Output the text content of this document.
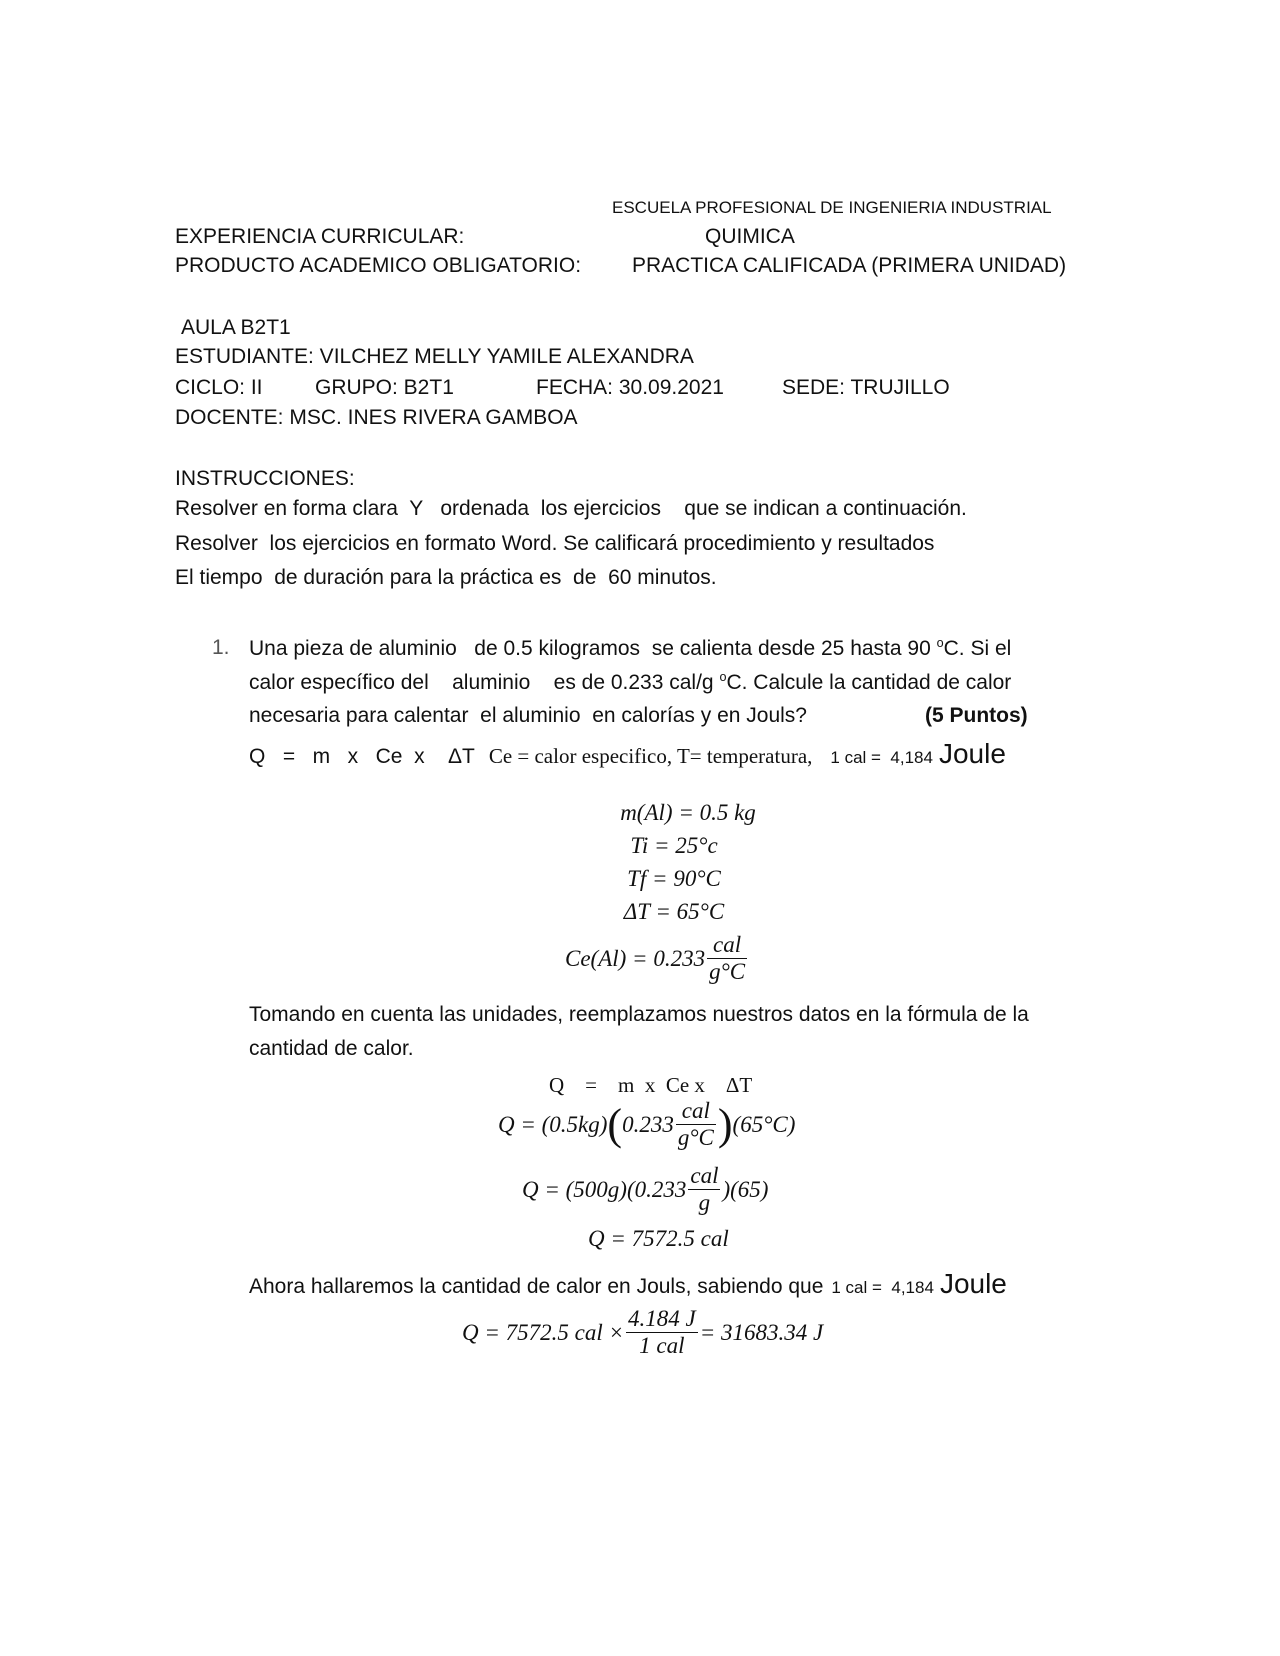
ESCUELA PROFESIONAL DE INGENIERIA INDUSTRIAL
EXPERIENCIA CURRICULAR:	QUIMICA
PRODUCTO ACADEMICO OBLIGATORIO: PRACTICA CALIFICADA (PRIMERA UNIDAD)
AULA B2T1
ESTUDIANTE: VILCHEZ MELLY YAMILE ALEXANDRA
CICLO: II GRUPO: B2T1	FECHA: 30.09.2021	SEDE: TRUJILLO
DOCENTE: MSC. INES RIVERA GAMBOA
INSTRUCCIONES:
Resolver en forma clara  Y   ordenada  los ejercicios    que se indican a continuación.
Resolver  los ejercicios en formato Word. Se calificará procedimiento y resultados
El tiempo  de duración para la práctica es  de  60 minutos.
1. Una pieza de aluminio   de 0.5 kilogramos  se calienta desde 25 hasta 90 $^o$C. Si el
calor específico del    aluminio    es de 0.233 cal/g $^o$C. Calcule la cantidad de calor
necesaria para calentar  el aluminio  en calorías y en Jouls?	(5 Puntos)
Q   =   m   x   Ce  x    ΔT Ce = calor especifico, T= temperatura, 1 cal =  4,184 Joule
m(Al) = 0.5 kg
Ti = 25°c
Tf = 90°C
ΔT = 65°C
$Ce(Al) = 0.233 \frac{\text{cal}}{g^\circ C}$
Tomando en cuenta las unidades, reemplazamos nuestros datos en la fórmula de la
cantidad de calor.
Q    =    m  x  Ce x    ΔT
Q = (0.5kg) ( $0.233 \frac{\text{cal}}{g^\circ C}$ ) (65°C)
$Q = (500g)(0.233 \frac{\text{cal}}{g} )(65)$
Q = 7572.5 cal
Ahora hallaremos la cantidad de calor en Jouls, sabiendo que 1 cal =  4,184 Joule
Q = 7572.5 cal × $\frac{4.184 J}{\text{1 cal}} = 31683.34$ J
